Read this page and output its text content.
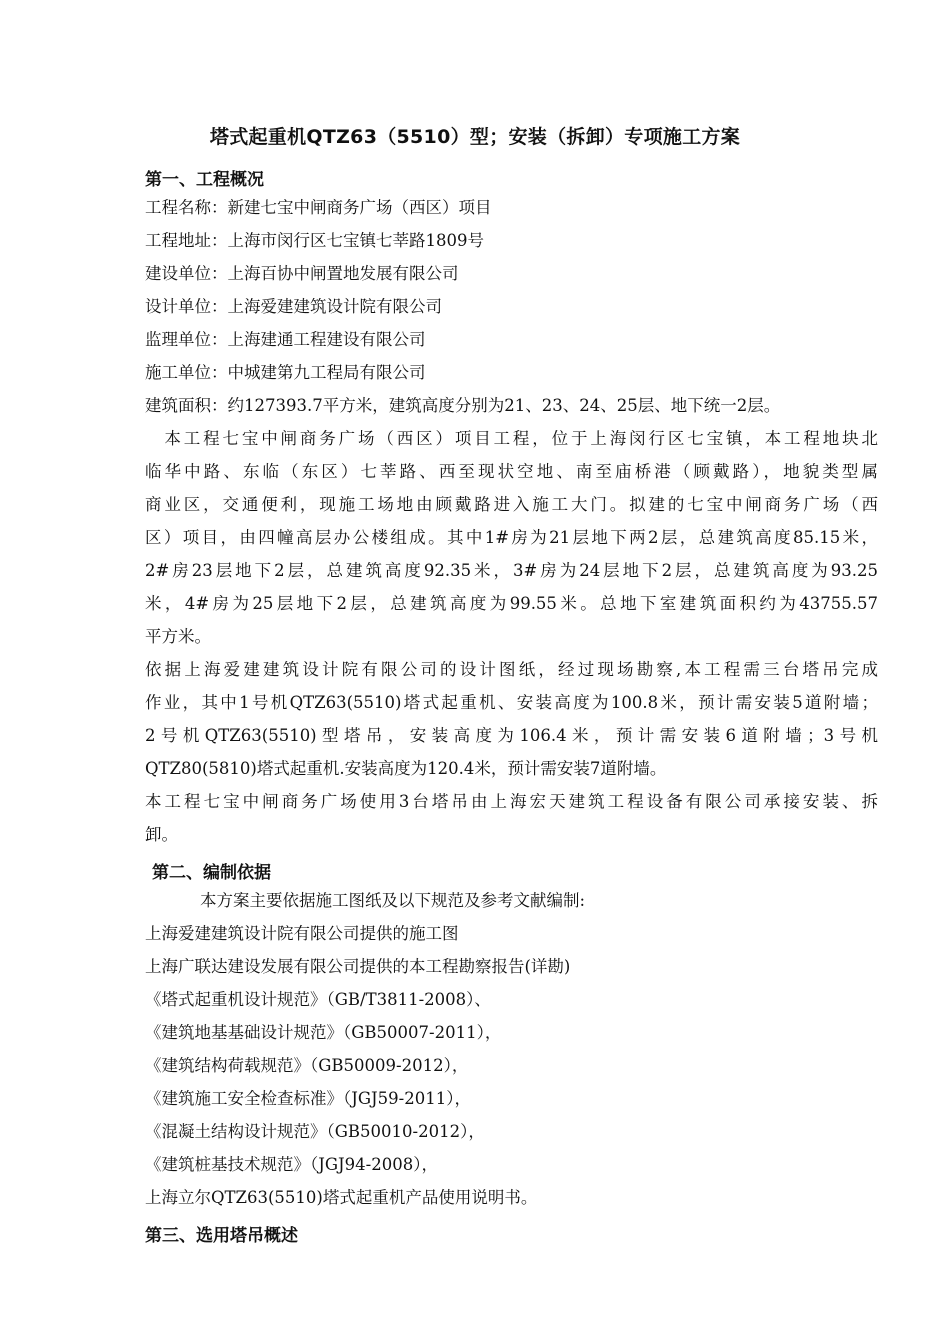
塔式起重机QTZ63（5510）型；安装（拆卸）专项施工方案
第一、工程概况
工程名称：新建七宝中闸商务广场（西区）项目
工程地址：上海市闵行区七宝镇七莘路1809号
建设单位：上海百协中闸置地发展有限公司
设计单位：上海爱建建筑设计院有限公司
监理单位：上海建通工程建设有限公司
施工单位：中城建第九工程局有限公司
建筑面积：约127393.7平方米，建筑高度分别为21、23、24、25层、地下统一2层。
　本工程七宝中闸商务广场（西区）项目工程，位于上海闵行区七宝镇，本工程地块北
临华中路、东临（东区）七莘路、西至现状空地、南至庙桥港（顾戴路），地貌类型属
商业区，交通便利，现施工场地由顾戴路进入施工大门。拟建的七宝中闸商务广场（西
区）项目，由四幢高层办公楼组成。其中1#房为21层地下两2层，总建筑高度85.15米，
2#房23层地下2层，总建筑高度92.35米，3#房为24层地下2层，总建筑高度为93.25
米，4#房为25层地下2层，总建筑高度为99.55米。总地下室建筑面积约为43755.57
平方米。
依据上海爱建建筑设计院有限公司的设计图纸，经过现场勘察,本工程需三台塔吊完成
作业，其中1号机QTZ63(5510)塔式起重机、安装高度为100.8米，预计需安装5道附墙；
2号机QTZ63(5510)型塔吊，安装高度为106.4米，预计需安装6道附墙；3号机
QTZ80(5810)塔式起重机.安装高度为120.4米，预计需安装7道附墙。
本工程七宝中闸商务广场使用3台塔吊由上海宏天建筑工程设备有限公司承接安装、拆
卸。
第二、编制依据
本方案主要依据施工图纸及以下规范及参考文献编制:
上海爱建建筑设计院有限公司提供的施工图
上海广联达建设发展有限公司提供的本工程勘察报告(详勘)
《塔式起重机设计规范》（GB/T3811-2008）、
《建筑地基基础设计规范》（GB50007-2011），
《建筑结构荷载规范》（GB50009-2012），
《建筑施工安全检查标准》（JGJ59-2011），
《混凝土结构设计规范》（GB50010-2012），
《建筑桩基技术规范》（JGJ94-2008），
上海立尔QTZ63(5510)塔式起重机产品使用说明书。
第三、选用塔吊概述
